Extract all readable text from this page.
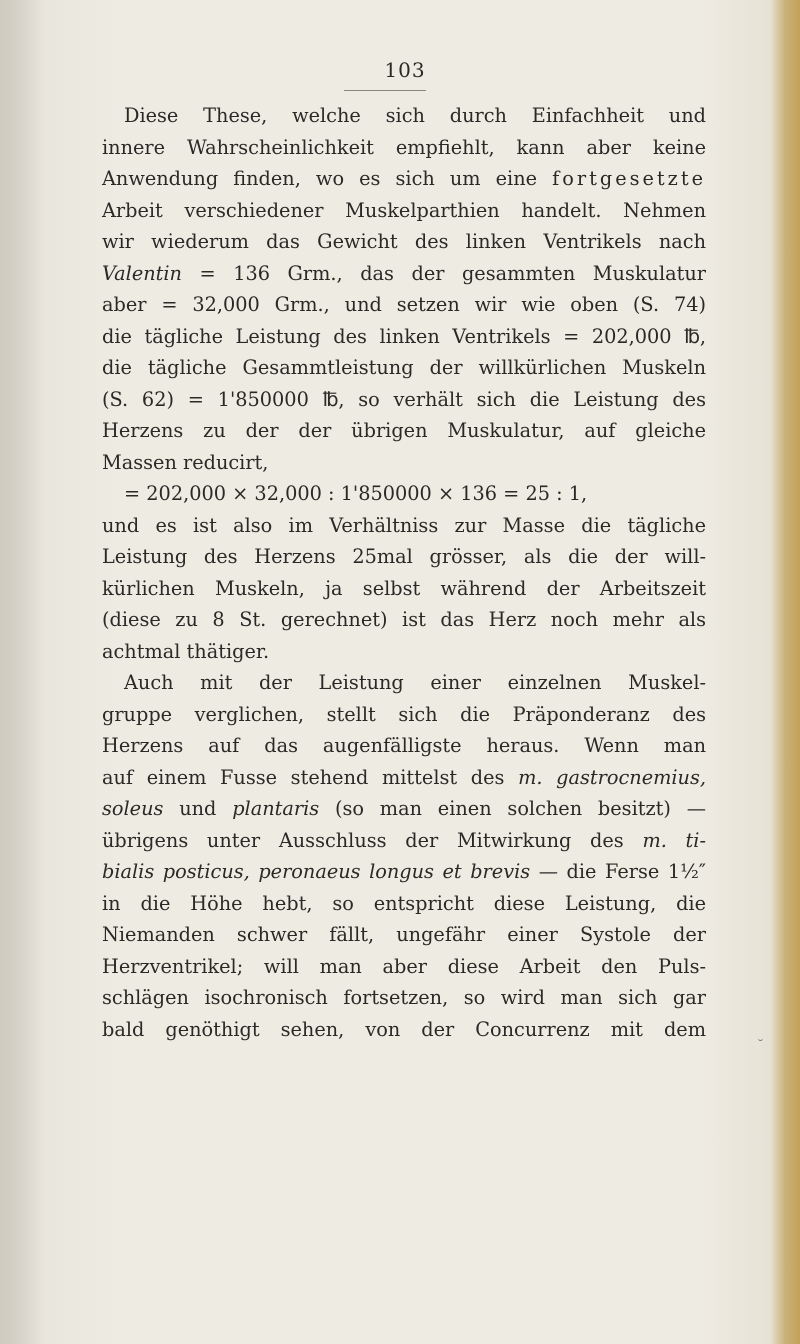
103
Diese These, welche sich durch Einfachheit und
innere Wahrscheinlichkeit empfiehlt, kann aber keine
Anwendung finden, wo es sich um eine fortgesetzte
Arbeit verschiedener Muskelparthien handelt. Nehmen
wir wiederum das Gewicht des linken Ventrikels nach
Valentin = 136 Grm., das der gesammten Muskulatur
aber = 32,000 Grm., und setzen wir wie oben (S. 74)
die tägliche Leistung des linken Ventrikels = 202,000 ℔,
die tägliche Gesammtleistung der willkürlichen Muskeln
(S. 62) = 1'850000 ℔, so verhält sich die Leistung des
Herzens zu der der übrigen Muskulatur, auf gleiche
Massen reducirt,
= 202,000 × 32,000 : 1'850000 × 136 = 25 : 1,
und es ist also im Verhältniss zur Masse die tägliche
Leistung des Herzens 25mal grösser, als die der will-
kürlichen Muskeln, ja selbst während der Arbeitszeit
(diese zu 8 St. gerechnet) ist das Herz noch mehr als
achtmal thätiger.
Auch mit der Leistung einer einzelnen Muskel-
gruppe verglichen, stellt sich die Präponderanz des
Herzens auf das augenfälligste heraus. Wenn man
auf einem Fusse stehend mittelst des m. gastrocnemius,
soleus und plantaris (so man einen solchen besitzt) —
übrigens unter Ausschluss der Mitwirkung des m. ti-
bialis posticus, peronaeus longus et brevis — die Ferse 1½″
in die Höhe hebt, so entspricht diese Leistung, die
Niemanden schwer fällt, ungefähr einer Systole der
Herzventrikel; will man aber diese Arbeit den Puls-
schlägen isochronisch fortsetzen, so wird man sich gar
bald genöthigt sehen, von der Concurrenz mit dem
